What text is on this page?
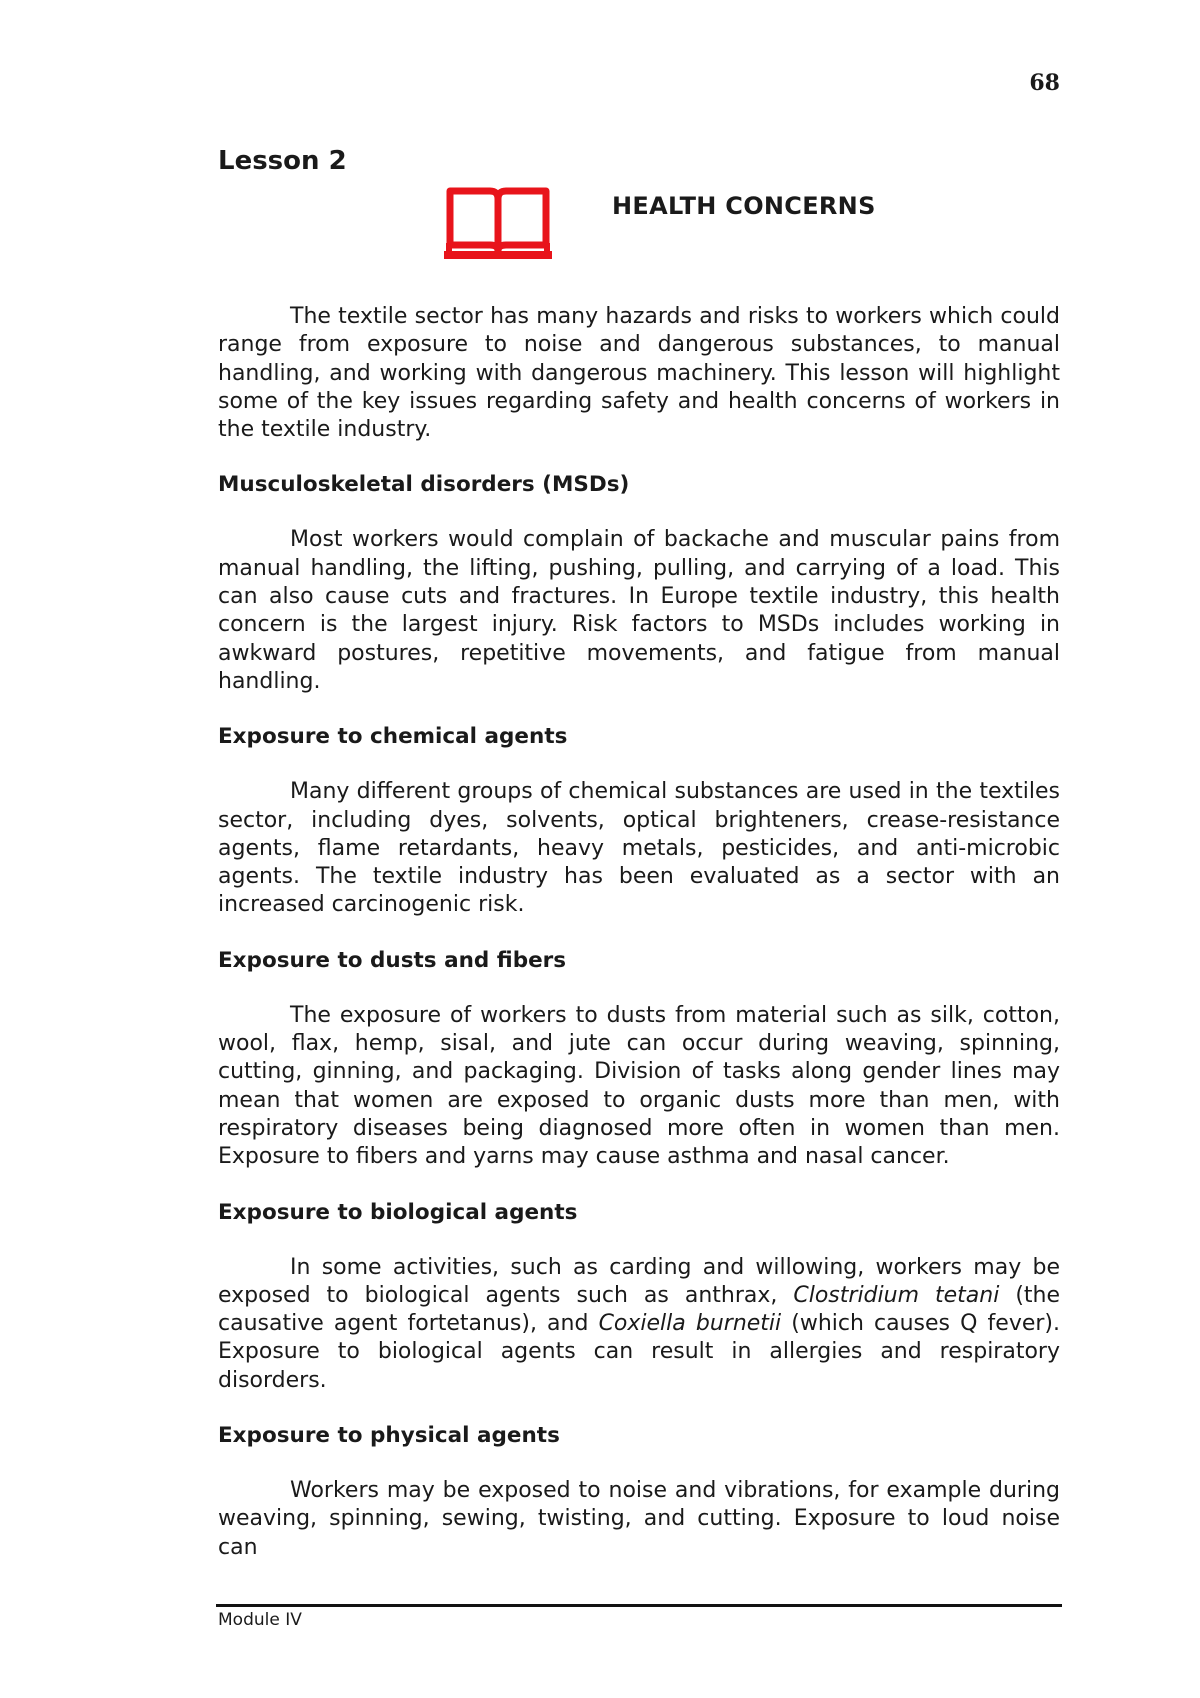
68
Lesson 2
HEALTH CONCERNS

The textile sector has many hazards and risks to workers which could range from exposure to noise and dangerous substances, to manual handling, and working with dangerous machinery. This lesson will highlight some of the key issues regarding safety and health concerns of workers in the textile industry.

Musculoskeletal disorders (MSDs)

Most workers would complain of backache and muscular pains from manual handling, the lifting, pushing, pulling, and carrying of a load. This can also cause cuts and fractures. In Europe textile industry, this health concern is the largest injury. Risk factors to MSDs includes working in awkward postures, repetitive movements, and fatigue from manual handling.

Exposure to chemical agents

Many different groups of chemical substances are used in the textiles sector, including dyes, solvents, optical brighteners, crease-resistance agents, flame retardants, heavy metals, pesticides, and anti-microbic agents. The textile industry has been evaluated as a sector with an increased carcinogenic risk.

Exposure to dusts and fibers

The exposure of workers to dusts from material such as silk, cotton, wool, flax, hemp, sisal, and jute can occur during weaving, spinning, cutting, ginning, and packaging. Division of tasks along gender lines may mean that women are exposed to organic dusts more than men, with respiratory diseases being diagnosed more often in women than men. Exposure to fibers and yarns may cause asthma and nasal cancer.

Exposure to biological agents

In some activities, such as carding and willowing, workers may be exposed to biological agents such as anthrax, Clostridium tetani (the causative agent fortetanus), and Coxiella burnetii (which causes Q fever). Exposure to biological agents can result in allergies and respiratory disorders.

Exposure to physical agents

Workers may be exposed to noise and vibrations, for example during weaving, spinning, sewing, twisting, and cutting. Exposure to loud noise can

Module IV
